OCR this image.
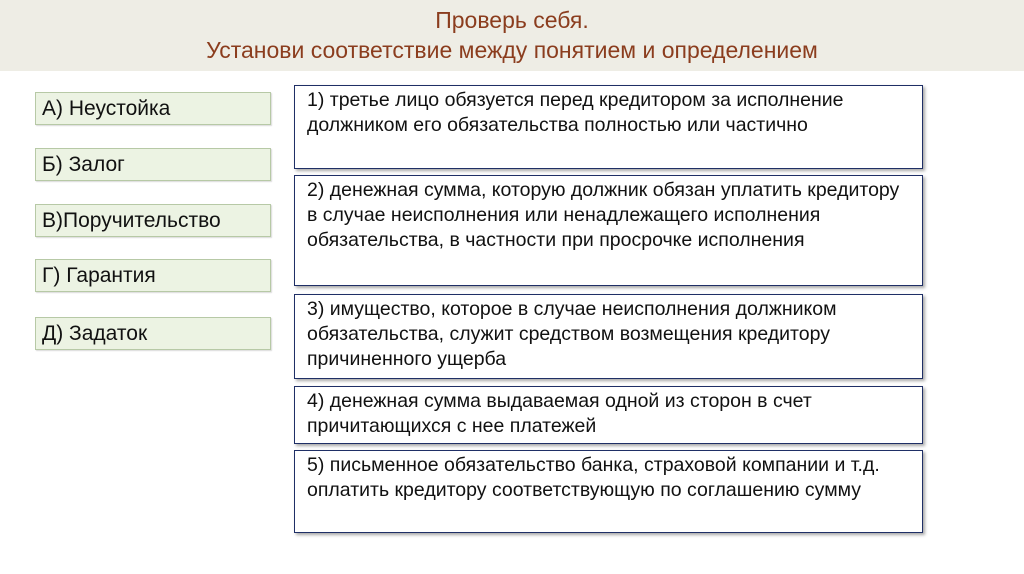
Проверь себя.
Установи соответствие между понятием и определением
А) Неустойка
Б) Залог
В)Поручительство
Г) Гарантия
Д) Задаток
1) третье лицо обязуется перед кредитором за исполнение должником его обязательства полностью или частично
2) денежная сумма, которую должник обязан уплатить кредитору в случае неисполнения или ненадлежащего исполнения обязательства, в частности при просрочке исполнения
3) имущество, которое в случае неисполнения должником обязательства, служит средством возмещения кредитору причиненного ущерба
4) денежная сумма выдаваемая одной из сторон в счет причитающихся с нее платежей
5) письменное обязательство банка, страховой компании и т.д. оплатить кредитору соответствующую по соглашению сумму
